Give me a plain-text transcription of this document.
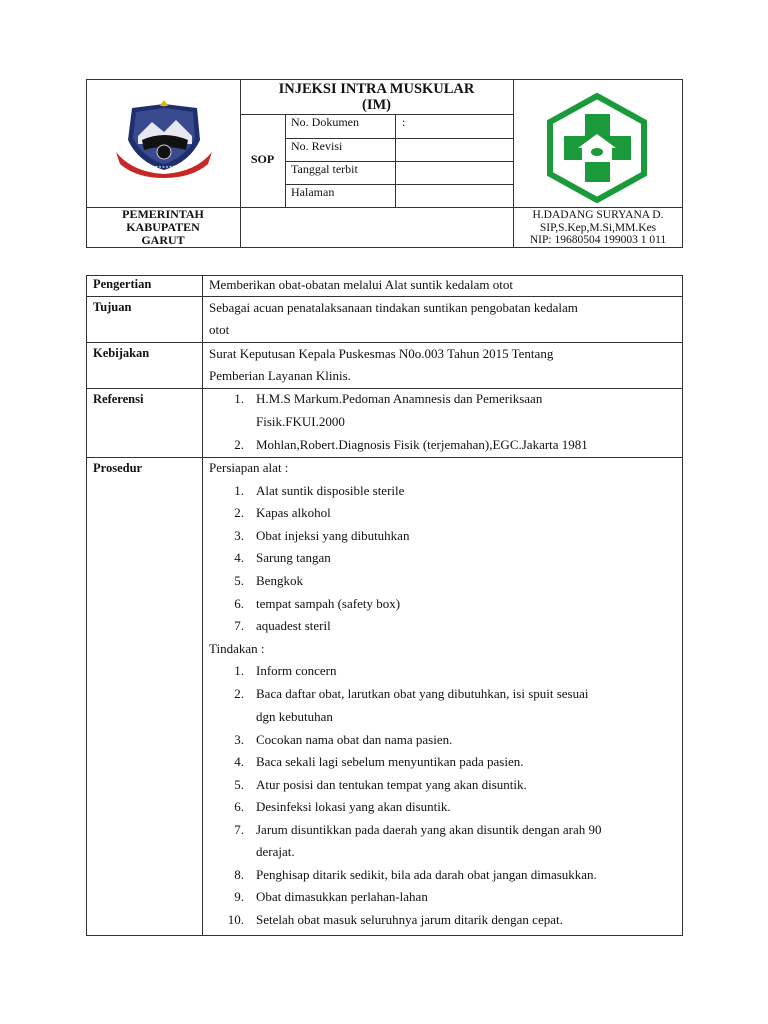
INJEKSI INTRA MUSKULAR
(IM)
SOP
No. Dokumen	:
No. Revisi
Tanggal terbit
Halaman
PEMERINTAH
KABUPATEN
GARUT
H.DADANG SURYANA D.
SIP,S.Kep,M.Si,MM.Kes
NIP: 19680504 199003 1 011
Pengertian	Memberikan obat-obatan melalui Alat suntik kedalam otot
Tujuan	Sebagai acuan penatalaksanaan tindakan suntikan pengobatan kedalam
otot
Kebijakan	Surat Keputusan Kepala Puskesmas N0o.003 Tahun 2015 Tentang
Pemberian Layanan Klinis.
Referensi	1. H.M.S Markum.Pedoman Anamnesis dan Pemeriksaan
Fisik.FKUI.2000
2. Mohlan,Robert.Diagnosis Fisik (terjemahan),EGC.Jakarta 1981
Prosedur	Persiapan alat :
1. Alat suntik disposible sterile
2. Kapas alkohol
3. Obat injeksi yang dibutuhkan
4. Sarung tangan
5. Bengkok
6. tempat sampah (safety box)
7. aquadest steril
Tindakan :
1. Inform concern
2. Baca daftar obat, larutkan obat yang dibutuhkan, isi spuit sesuai
dgn kebutuhan
3. Cocokan nama obat dan nama pasien.
4. Baca sekali lagi sebelum menyuntikan pada pasien.
5. Atur posisi dan tentukan tempat yang akan disuntik.
6. Desinfeksi lokasi yang akan disuntik.
7. Jarum disuntikkan pada daerah yang akan disuntik dengan arah 90
derajat.
8. Penghisap ditarik sedikit, bila ada darah obat jangan dimasukkan.
9. Obat dimasukkan perlahan-lahan
10. Setelah obat masuk seluruhnya jarum ditarik dengan cepat.
